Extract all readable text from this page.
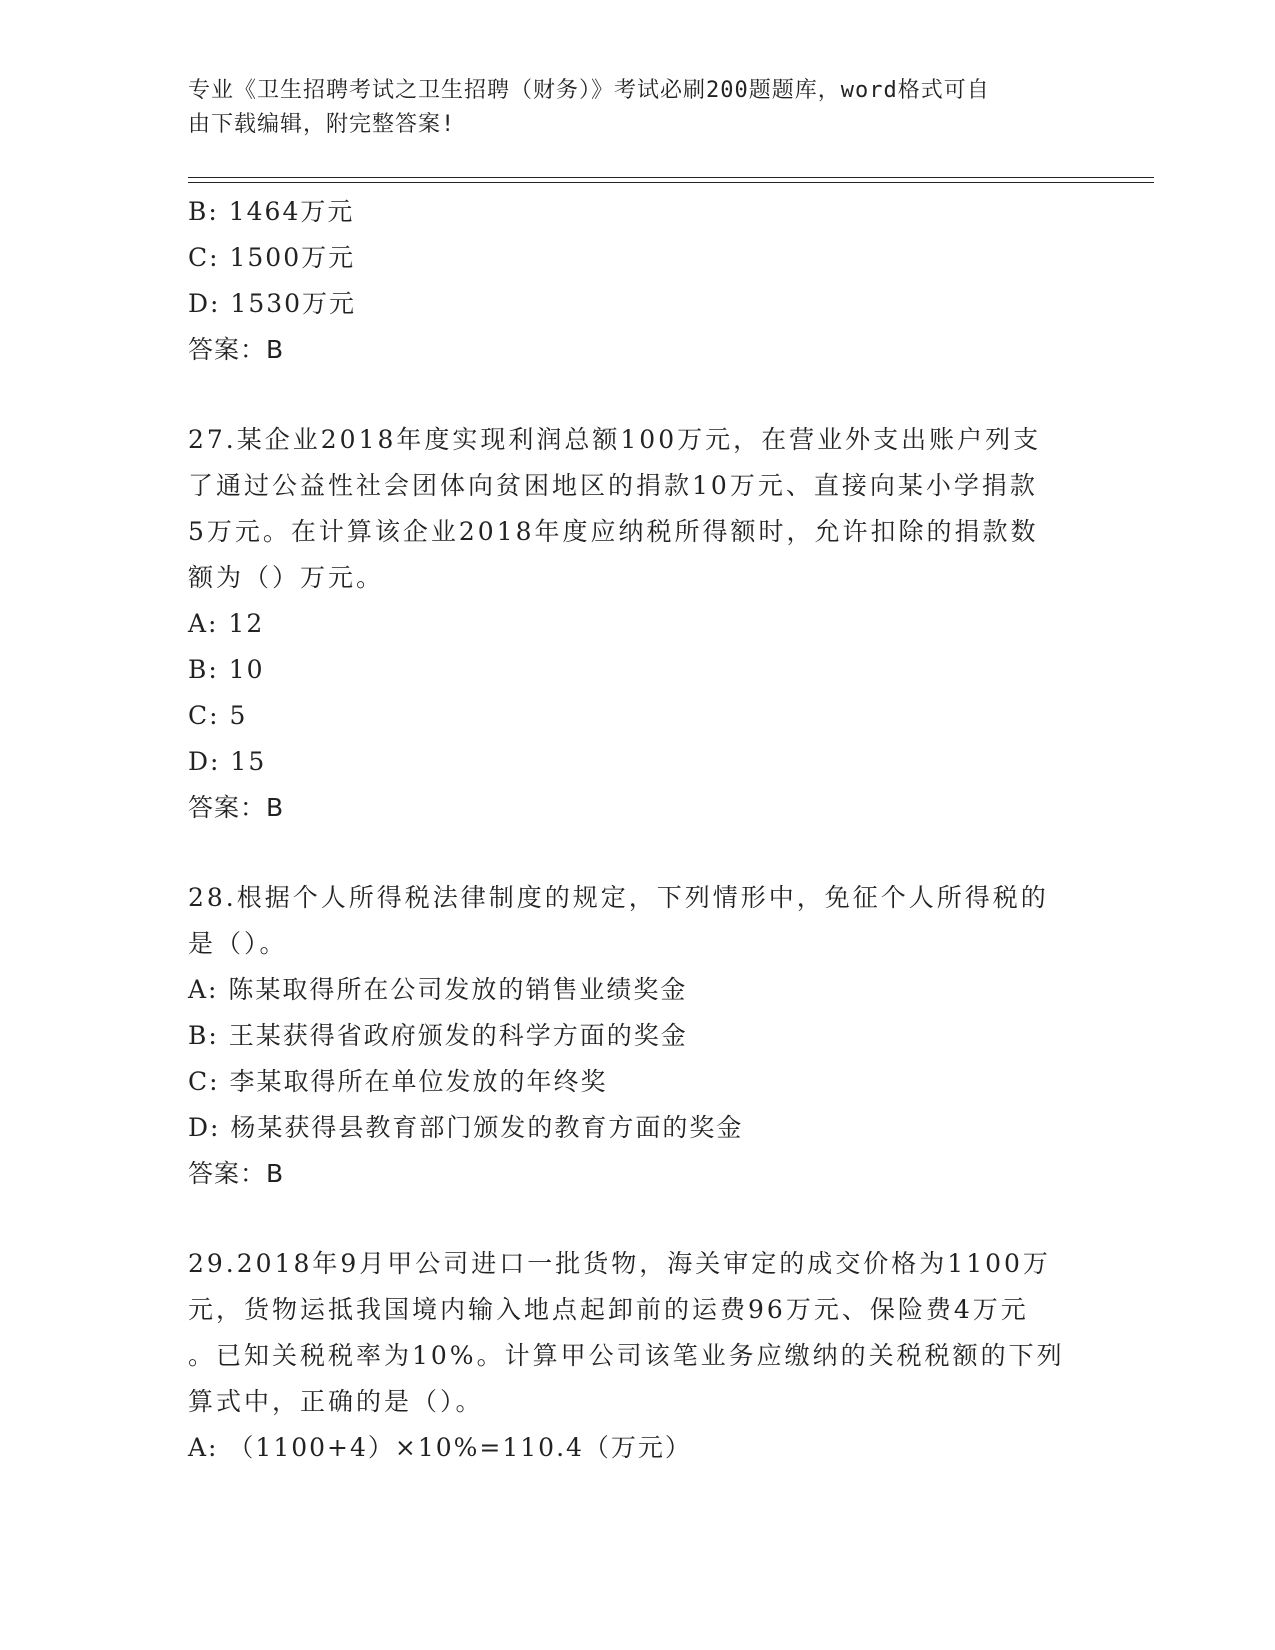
专业《卫生招聘考试之卫生招聘（财务）》考试必刷200题题库，word格式可自
由下载编辑，附完整答案!
B: 1464万元
C: 1500万元
D: 1530万元
答案：B
27.某企业2018年度实现利润总额100万元，在营业外支出账户列支
了通过公益性社会团体向贫困地区的捐款10万元、直接向某小学捐款
5万元。在计算该企业2018年度应纳税所得额时，允许扣除的捐款数
额为（）万元。
A: 12
B: 10
C: 5
D: 15
答案：B
28.根据个人所得税法律制度的规定，下列情形中，免征个人所得税的
是（）。
A: 陈某取得所在公司发放的销售业绩奖金
B: 王某获得省政府颁发的科学方面的奖金
C: 李某取得所在单位发放的年终奖
D: 杨某获得县教育部门颁发的教育方面的奖金
答案：B
29.2018年9月甲公司进口一批货物，海关审定的成交价格为1100万
元，货物运抵我国境内输入地点起卸前的运费96万元、保险费4万元
。已知关税税率为10%。计算甲公司该笔业务应缴纳的关税税额的下列
算式中，正确的是（）。
A: （1100+4）×10%=110.4（万元）
